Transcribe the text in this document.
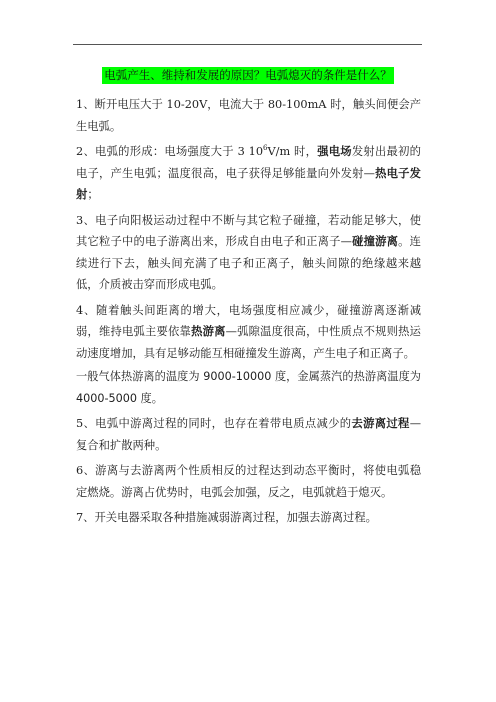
电弧产生、维持和发展的原因？电弧熄灭的条件是什么？

1、断开电压大于 10-20V，电流大于 80-100mA 时，触头间便会产生电弧。

2、电弧的形成：电场强度大于 3 $10^6V/m$ 时，强电场发射出最初的电子，产生电弧；温度很高，电子获得足够能量向外发射—热电子发射；

3、电子向阳极运动过程中不断与其它粒子碰撞，若动能足够大，使其它粒子中的电子游离出来，形成自由电子和正离子—碰撞游离。连续进行下去，触头间充满了电子和正离子，触头间隙的绝缘越来越低，介质被击穿而形成电弧。

4、随着触头间距离的增大，电场强度相应减少，碰撞游离逐渐减弱，维持电弧主要依靠热游离—弧隙温度很高，中性质点不规则热运动速度增加，具有足够动能互相碰撞发生游离，产生电子和正离子。

一般气体热游离的温度为 9000-10000 度，金属蒸汽的热游离温度为 4000-5000 度。

5、电弧中游离过程的同时，也存在着带电质点减少的去游离过程—复合和扩散两种。

6、游离与去游离两个性质相反的过程达到动态平衡时，将使电弧稳定燃烧。游离占优势时，电弧会加强，反之，电弧就趋于熄灭。

7、开关电器采取各种措施减弱游离过程，加强去游离过程。
